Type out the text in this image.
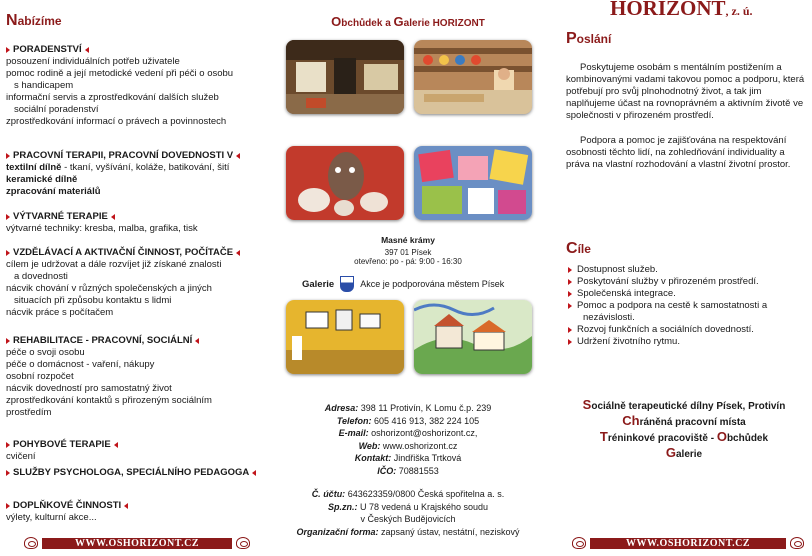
Nabízíme
PORADENSTVÍ
posouzení individuálních potřeb uživatele
pomoc rodině a její metodické vedení při péči o osobu
s handicapem
informační servis a zprostředkování dalších služeb
sociální poradenství
zprostředkování informací o právech a povinnostech
PRACOVNÍ TERAPII, PRACOVNÍ DOVEDNOSTI V
textilní dílně - tkaní, vyšívání, koláže, batikování, šití
keramické dílně
zpracování materiálů
VÝTVARNÉ TERAPIE
výtvarné techniky: kresba, malba, grafika, tisk
VZDĚLÁVACÍ A AKTIVAČNÍ ČINNOST, POČÍTAČE
cílem je udržovat a dále rozvíjet již získané znalosti
a dovednosti
nácvik chování v různých společenských a jiných
situacích při způsobu kontaktu s lidmi
nácvik práce s počítačem
REHABILITACE - PRACOVNÍ, SOCIÁLNÍ
péče o svoji osobu
péče o domácnost - vaření, nákupy
osobní rozpočet
nácvik dovedností pro samostatný život
zprostředkování kontaktů s přirozeným sociálním
prostředím
POHYBOVÉ TERAPIE
cvičení
SLUŽBY PSYCHOLOGA, SPECIÁLNÍHO PEDAGOGA
DOPLŇKOVÉ ČINNOSTI
výlety, kulturní akce...
WWW.OSHORIZONT.CZ
Obchůdek a Galerie HORIZONT
Masné krámy
397 01 Písek
otevřeno: po - pá: 9:00 - 16:30
Galerie	Akce je podporována městem Písek
Adresa: 398 11 Protivín, K Lomu č.p. 239
Telefon: 605 416 913, 382 224 105
E-mail: oshorizont@oshorizont.cz,
Web: www.oshorizont.cz
Kontakt: Jindřiška Trtková
IČO: 70881553
Č. účtu: 643623359/0800 Česká spořitelna a. s.
Sp.zn.: U 78 vedená u Krajského soudu
v Českých Budějovicích
Organizační forma: zapsaný ústav, nestátní, neziskový
HORIZONT, z. ú.
Poslání

Poskytujeme osobám s mentálním postižením a kombinovanými vadami takovou pomoc a podporu, která potřebují pro svůj plnohodnotný život, a tak jim naplňujeme účast na rovnoprávném a aktivním životě ve společnosti v přirozeném prostředí.

Podpora a pomoc je zajišťována na respektování osobnosti těchto lidí, na zohledňování individuality a práva na vlastní rozhodování a vlastní životní prostor.

Cíle
Dostupnost služeb.
Poskytování služby v přirozeném prostředí.
Společenská integrace.
Pomoc a podpora na cestě k samostatnosti a
nezávislosti.
Rozvoj funkčních a sociálních dovedností.
Udržení životního rytmu.
Sociálně terapeutické dílny Písek, Protivín
Chráněná pracovní místa
Tréninkové pracoviště - Obchůdek
Galerie
WWW.OSHORIZONT.CZ
